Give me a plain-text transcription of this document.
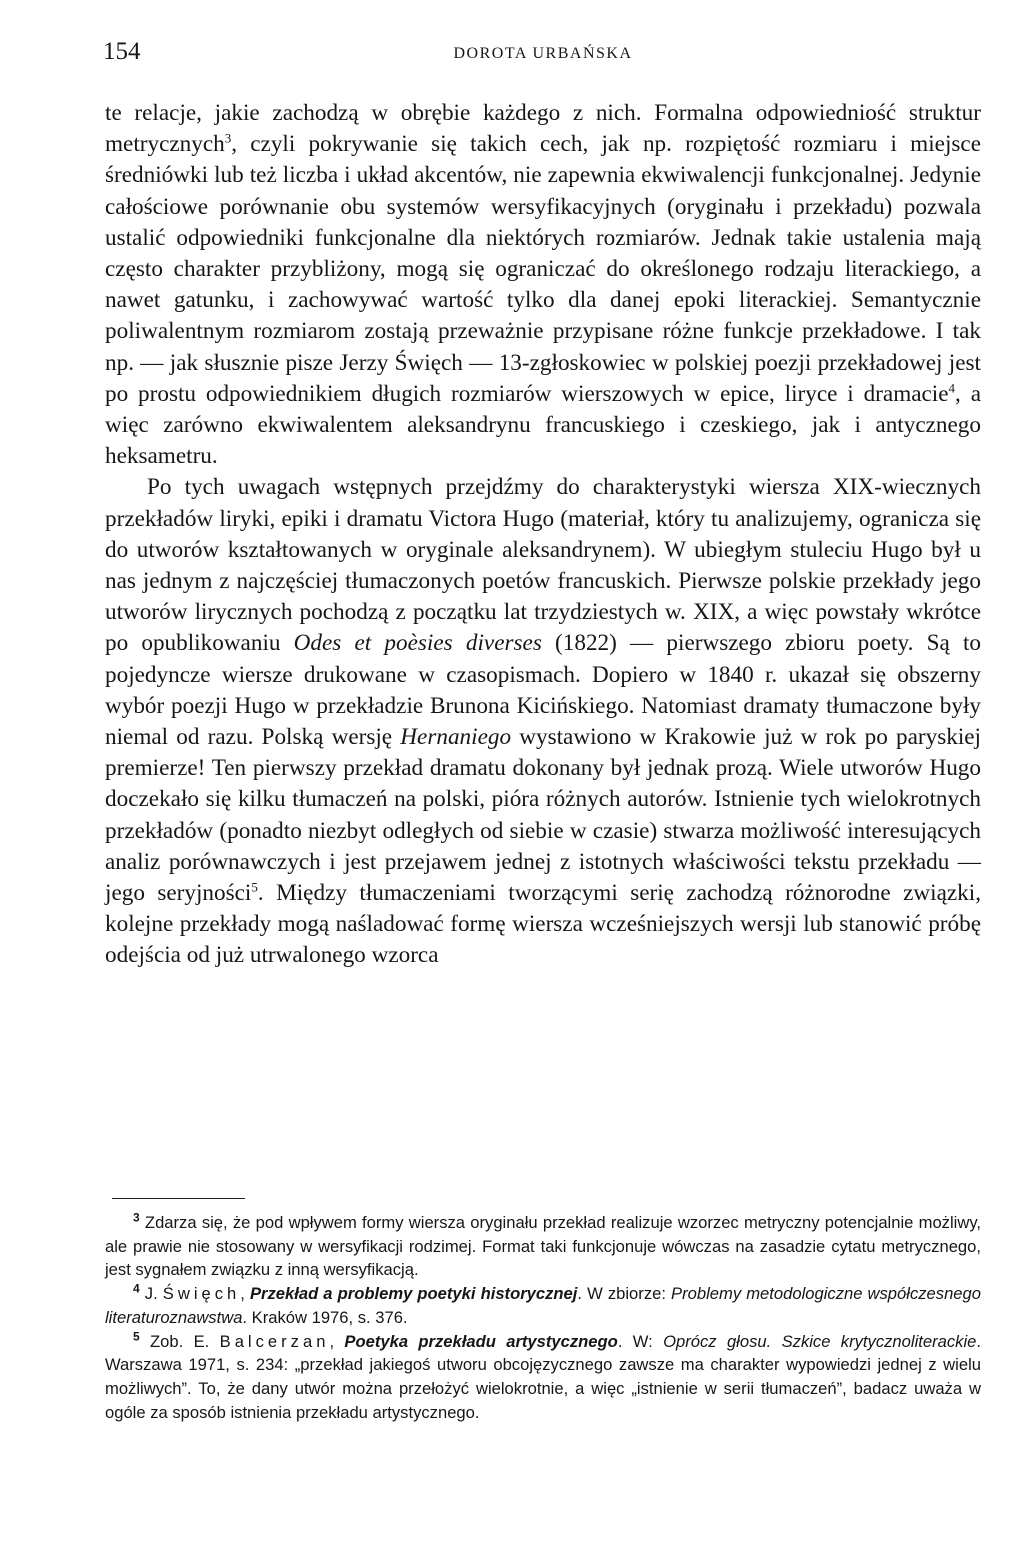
154	DOROTA URBAŃSKA

te relacje, jakie zachodzą w obrębie każdego z nich. Formalna odpowiedniość struktur metrycznych$^3$, czyli pokrywanie się takich cech, jak np. rozpiętość rozmiaru i miejsce średniówki lub też liczba i układ akcentów, nie zapewnia ekwiwalencji funkcjonalnej. Jedynie całościowe porównanie obu systemów wersyfikacyjnych (oryginału i przekładu) pozwala ustalić odpowiedniki funkcjonalne dla niektórych rozmiarów. Jednak takie ustalenia mają często charakter przybliżony, mogą się ograniczać do określonego rodzaju literackiego, a nawet gatunku, i zachowywać wartość tylko dla danej epoki literackiej. Semantycznie poliwalentnym rozmiarom zostają przeważnie przypisane różne funkcje przekładowe. I tak np. — jak słusznie pisze Jerzy Święch — 13-zgłoskowiec w polskiej poezji przekładowej jest po prostu odpowiednikiem długich rozmiarów wierszowych w epice, liryce i dramacie$^4$, a więc zarówno ekwiwalentem aleksandrynu francuskiego i czeskiego, jak i antycznego heksametru.

Po tych uwagach wstępnych przejdźmy do charakterystyki wiersza XIX-wiecznych przekładów liryki, epiki i dramatu Victora Hugo (materiał, który tu analizujemy, ogranicza się do utworów kształtowanych w oryginale aleksandrynem). W ubiegłym stuleciu Hugo był u nas jednym z najczęściej tłumaczonych poetów francuskich. Pierwsze polskie przekłady jego utworów lirycznych pochodzą z początku lat trzydziestych w. XIX, a więc powstały wkrótce po opublikowaniu Odes et poèsies diverses (1822) — pierwszego zbioru poety. Są to pojedyncze wiersze drukowane w czasopismach. Dopiero w 1840 r. ukazał się obszerny wybór poezji Hugo w przekładzie Brunona Kicińskiego. Natomiast dramaty tłumaczone były niemal od razu. Polską wersję Hernaniego wystawiono w Krakowie już w rok po paryskiej premierze! Ten pierwszy przekład dramatu dokonany był jednak prozą. Wiele utworów Hugo doczekało się kilku tłumaczeń na polski, pióra różnych autorów. Istnienie tych wielokrotnych przekładów (ponadto niezbyt odległych od siebie w czasie) stwarza możliwość interesujących analiz porównawczych i jest przejawem jednej z istotnych właściwości tekstu przekładu — jego seryjności$^5$. Między tłumaczeniami tworzącymi serię zachodzą różnorodne związki, kolejne przekłady mogą naśladować formę wiersza wcześniejszych wersji lub stanowić próbę odejścia od już utrwalonego wzorca

$^3$ Zdarza się, że pod wpływem formy wiersza oryginału przekład realizuje wzorzec metryczny potencjalnie możliwy, ale prawie nie stosowany w wersyfikacji rodzimej. Format taki funkcjonuje wówczas na zasadzie cytatu metrycznego, jest sygnałem związku z inną wersyfikacją.

$^4$ J. Święch, Przekład a problemy poetyki historycznej. W zbiorze: Problemy metodologiczne współczesnego literaturoznawstwa. Kraków 1976, s. 376.

$^5$ Zob. E. Balcerzan, Poetyka przekładu artystycznego. W: Oprócz głosu. Szkice krytycznoliterackie. Warszawa 1971, s. 234: „przekład jakiegoś utworu obcojęzycznego zawsze ma charakter wypowiedzi jednej z wielu możliwych”. To, że dany utwór można przełożyć wielokrotnie, a więc „istnienie w serii tłumaczeń”, badacz uważa w ogóle za sposób istnienia przekładu artystycznego.
